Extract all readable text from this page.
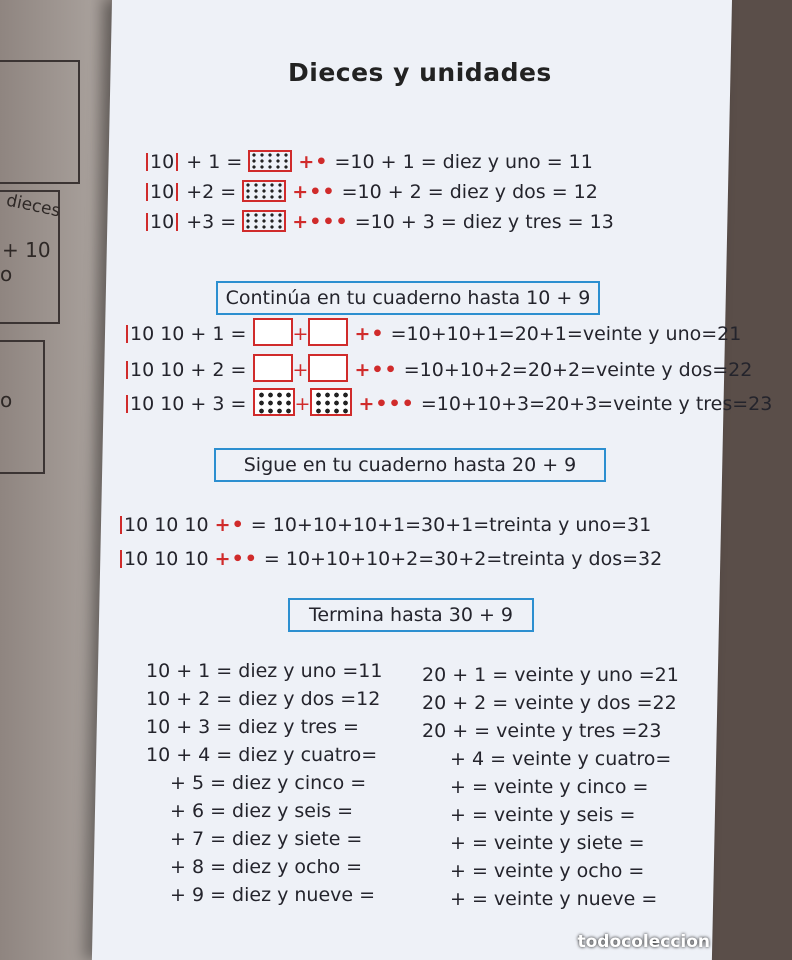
dieces
+ 10
o
o
Dieces y unidades
10 + 1 =	+• =10 + 1 = diez y uno = 11
10 +2 =	+•• =10 + 2 = diez y dos = 12
10 +3 =	+••• =10 + 3 = diez y tres = 13
Continúa en tu cuaderno hasta 10 + 9
10 10 + 1 = + +• =10+10+1=20+1=veinte y uno=21
10 10 + 2 = + +•• =10+10+2=20+2=veinte y dos=22
10 10 + 3 =	+	+••• =10+10+3=20+3=veinte y tres=23
Sigue en tu cuaderno hasta 20 + 9
10 10 10 +• = 10+10+10+1=30+1=treinta y uno=31
10 10 10 +•• = 10+10+10+2=30+2=treinta y dos=32
Termina hasta 30 + 9
10 + 1 = diez y uno =11
10 + 2 = diez y dos =12
10 + 3 = diez y tres =
10 + 4 = diez y cuatro=
+ 5 = diez y cinco =
+ 6 = diez y seis =
+ 7 = diez y siete =
+ 8 = diez y ocho =
+ 9 = diez y nueve =
20 + 1 = veinte y uno =21
20 + 2 = veinte y dos =22
20 + = veinte y tres =23
+ 4 = veinte y cuatro=
+ = veinte y cinco =
+ = veinte y seis =
+ = veinte y siete =
+ = veinte y ocho =
+ = veinte y nueve =
todocoleccion
